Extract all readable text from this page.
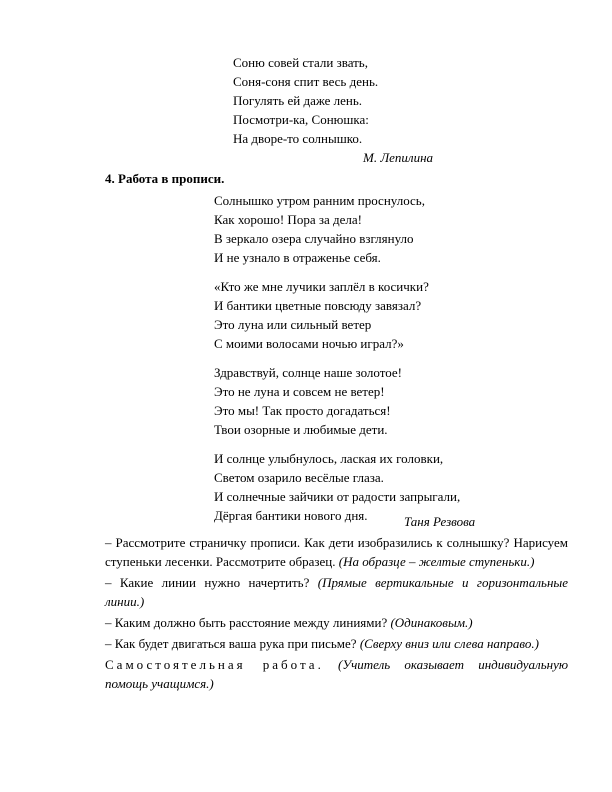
Соню совей стали звать,
Соня-соня спит весь день.
Погулять ей даже лень.
Посмотри-ка, Сонюшка:
На дворе-то солнышко.
М. Лепилина
4. Работа в прописи.
Солнышко утром ранним проснулось,
Как хорошо! Пора за дела!
В зеркало озера случайно взглянуло
И не узнало в отраженье себя.
«Кто же мне лучики заплёл в косички?
И бантики цветные повсюду завязал?
Это луна или сильный ветер
С моими волосами ночью играл?»
Здравствуй, солнце наше золотое!
Это не луна и совсем не ветер!
Это мы! Так просто догадаться!
Твои озорные и любимые дети.
И солнце улыбнулось, лаская их головки,
Светом озарило весёлые глаза.
И солнечные зайчики от радости запрыгали,
Дёргая бантики нового дня.	Таня Резвова

– Рассмотрите страничку прописи. Как дети изобразились к солнышку? Нарисуем ступеньки лесенки. Рассмотрите образец. (На образце – желтые ступеньки.)

– Какие линии нужно начертить? (Прямые вертикальные и горизонтальные линии.)

– Каким должно быть расстояние между линиями? (Одинаковым.)

– Как будет двигаться ваша рука при письме? (Сверху вниз или слева направо.)

Самостоятельная работа. (Учитель оказывает индивидуальную помощь учащимся.)
